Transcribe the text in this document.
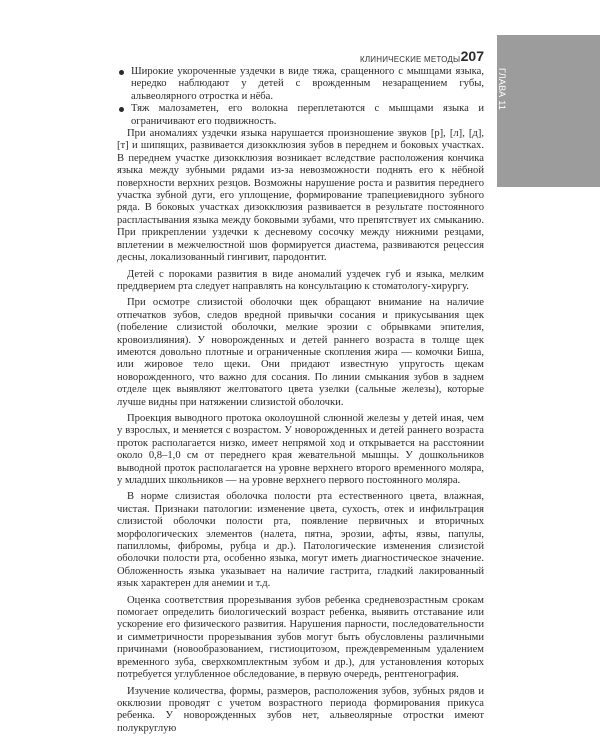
ГЛАВА 11
КЛИНИЧЕСКИЕ МЕТОДЫ 207
Широкие укороченные уздечки в виде тяжа, сращенного с мышцами языка, нередко наблюдают у детей с врожденным незаращением губы, альвеолярного отростка и нёба.
Тяж малозаметен, его волокна переплетаются с мышцами языка и ограничивают его подвижность.

При аномалиях уздечки языка нарушается произношение звуков [р], [л], [д], [т] и шипящих, развивается дизокклюзия зубов в переднем и боковых участках. В переднем участке дизокклюзия возникает вследствие расположения кончика языка между зубными рядами из-за невозможности поднять его к нёбной поверхности верхних резцов. Возможны нарушение роста и развития переднего участка зубной дуги, его уплощение, формирование трапециевидного зубного ряда. В боковых участках дизокклюзия развивается в результате постоянного распластывания языка между боковыми зубами, что препятствует их смыканию. При прикреплении уздечки к десневому сосочку между нижними резцами, вплетении в межчелюстной шов формируется диастема, развиваются рецессия десны, локализованный гингивит, пародонтит.

Детей с пороками развития в виде аномалий уздечек губ и языка, мелким преддверием рта следует направлять на консультацию к стоматологу-хирургу.

При осмотре слизистой оболочки щек обращают внимание на наличие отпечатков зубов, следов вредной привычки сосания и прикусывания щек (побеление слизистой оболочки, мелкие эрозии с обрывками эпителия, кровоизлияния). У новорожденных и детей раннего возраста в толще щек имеются довольно плотные и ограниченные скопления жира — комочки Биша, или жировое тело щеки. Они придают известную упругость щекам новорожденного, что важно для сосания. По линии смыкания зубов в заднем отделе щек выявляют желтоватого цвета узелки (сальные железы), которые лучше видны при натяжении слизистой оболочки.

Проекция выводного протока околоушной слюнной железы у детей иная, чем у взрослых, и меняется с возрастом. У новорожденных и детей раннего возраста проток располагается низко, имеет непрямой ход и открывается на расстоянии около 0,8–1,0 см от переднего края жевательной мышцы. У дошкольников выводной проток располагается на уровне верхнего второго временного моляра, у младших школьников — на уровне верхнего первого постоянного моляра.

В норме слизистая оболочка полости рта естественного цвета, влажная, чистая. Признаки патологии: изменение цвета, сухость, отек и инфильтрация слизистой оболочки полости рта, появление первичных и вторичных морфологических элементов (налета, пятна, эрозии, афты, язвы, папулы, папилломы, фибромы, рубца и др.). Патологические изменения слизистой оболочки полости рта, особенно языка, могут иметь диагностическое значение. Обложенность языка указывает на наличие гастрита, гладкий лакированный язык характерен для анемии и т.д.

Оценка соответствия прорезывания зубов ребенка средневозрастным срокам помогает определить биологический возраст ребенка, выявить отставание или ускорение его физического развития. Нарушения парности, последовательности и симметричности прорезывания зубов могут быть обусловлены различными причинами (новообразованием, гистиоцитозом, преждевременным удалением временного зуба, сверхкомплектным зубом и др.), для установления которых потребуется углубленное обследование, в первую очередь, рентгенография.

Изучение количества, формы, размеров, расположения зубов, зубных рядов и окклюзии проводят с учетом возрастного периода формирования прикуса ребенка. У новорожденных зубов нет, альвеолярные отростки имеют полукруглую
